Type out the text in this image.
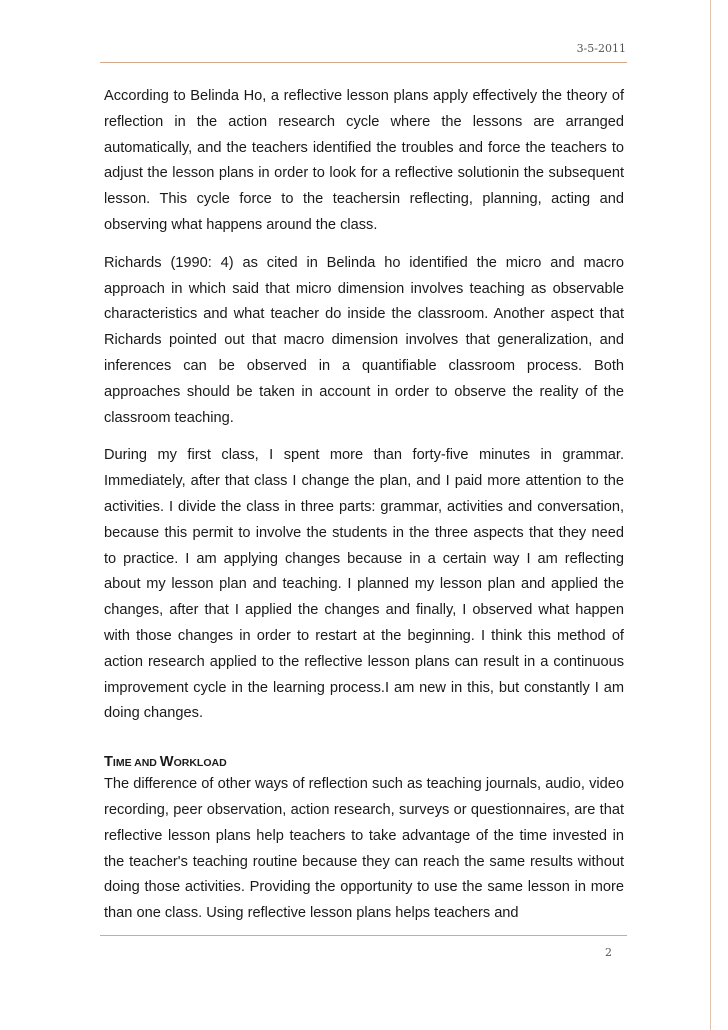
3-5-2011

According to Belinda Ho, a reflective lesson plans apply effectively the theory of reflection in the action research cycle where the lessons are arranged automatically, and the teachers identified the troubles and force the teachers to adjust the lesson plans in order to look for a reflective solutionin the subsequent lesson. This cycle force to the teachersin reflecting, planning, acting and observing what happens around the class.

Richards (1990: 4) as cited in Belinda ho identified the micro and macro approach in which said that micro dimension involves teaching as observable characteristics and what teacher do inside the classroom. Another aspect that Richards pointed out that macro dimension involves that generalization, and inferences can be observed in a quantifiable classroom process. Both approaches should be taken in account in order to observe the reality of the classroom teaching.

During my first class, I spent more than forty-five minutes in grammar. Immediately, after that class I change the plan, and I paid more attention to the activities. I divide the class in three parts: grammar, activities and conversation, because this permit to involve the students in the three aspects that they need to practice. I am applying changes because in a certain way I am reflecting about my lesson plan and teaching. I planned my lesson plan and applied the changes, after that I applied the changes and finally, I observed what happen with those changes in order to restart at the beginning. I think this method of action research applied to the reflective lesson plans can result in a continuous improvement cycle in the learning process.I am new in this, but constantly I am doing changes.

TIME AND WORKLOAD

The difference of other ways of reflection such as teaching journals, audio, video recording, peer observation, action research, surveys or questionnaires, are that reflective lesson plans help teachers to take advantage of the time invested in the teacher's teaching routine because they can reach the same results without doing those activities. Providing the opportunity to use the same lesson in more than one class. Using reflective lesson plans helps teachers and

2
